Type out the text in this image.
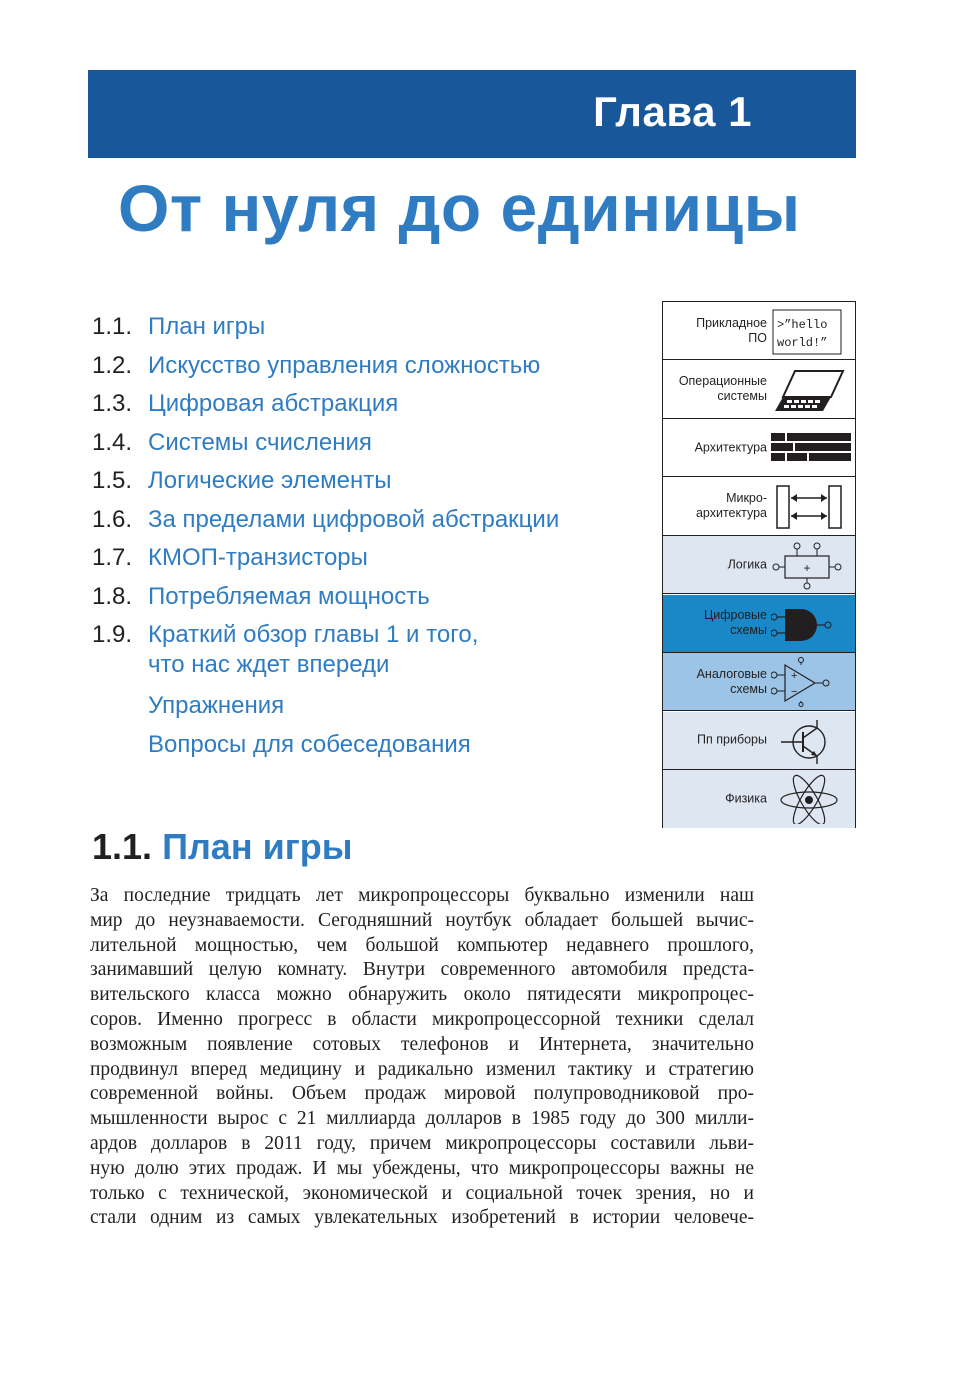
Глава 1
От нуля до единицы
1.1. План игры
1.2. Искусство управления сложностью
1.3. Цифровая абстракция
1.4. Системы счисления
1.5. Логические элементы
1.6. За пределами цифровой абстракции
1.7. КМОП-транзисторы
1.8. Потребляемая мощность
1.9. Краткий обзор главы 1 и того,
что нас ждет впереди
Упражнения
Вопросы для собеседования
Прикладное
ПО
>”hello
world!”
Операционные
системы
Архитектура
Микро-
архитектура
Логика	+
Цифровые
схемы
Аналоговые
схемы
+
−
Пп приборы
Физика
1.1. План игры
За последние тридцать лет микропроцессоры буквально изменили наш
мир до неузнаваемости. Сегодняшний ноутбук обладает большей вычис-
лительной мощностью, чем большой компьютер недавнего прошлого,
занимавший целую комнату. Внутри современного автомобиля предста-
вительского класса можно обнаружить около пятидесяти микропроцес-
соров. Именно прогресс в области микропроцессорной техники сделал
возможным появление сотовых телефонов и Интернета, значительно
продвинул вперед медицину и радикально изменил тактику и стратегию
современной войны. Объем продаж мировой полупроводниковой про-
мышленности вырос с 21 миллиарда долларов в 1985 году до 300 милли-
ардов долларов в 2011 году, причем микропроцессоры составили льви-
ную долю этих продаж. И мы убеждены, что микропроцессоры важны не
только с технической, экономической и социальной точек зрения, но и
стали одним из самых увлекательных изобретений в истории человече-
